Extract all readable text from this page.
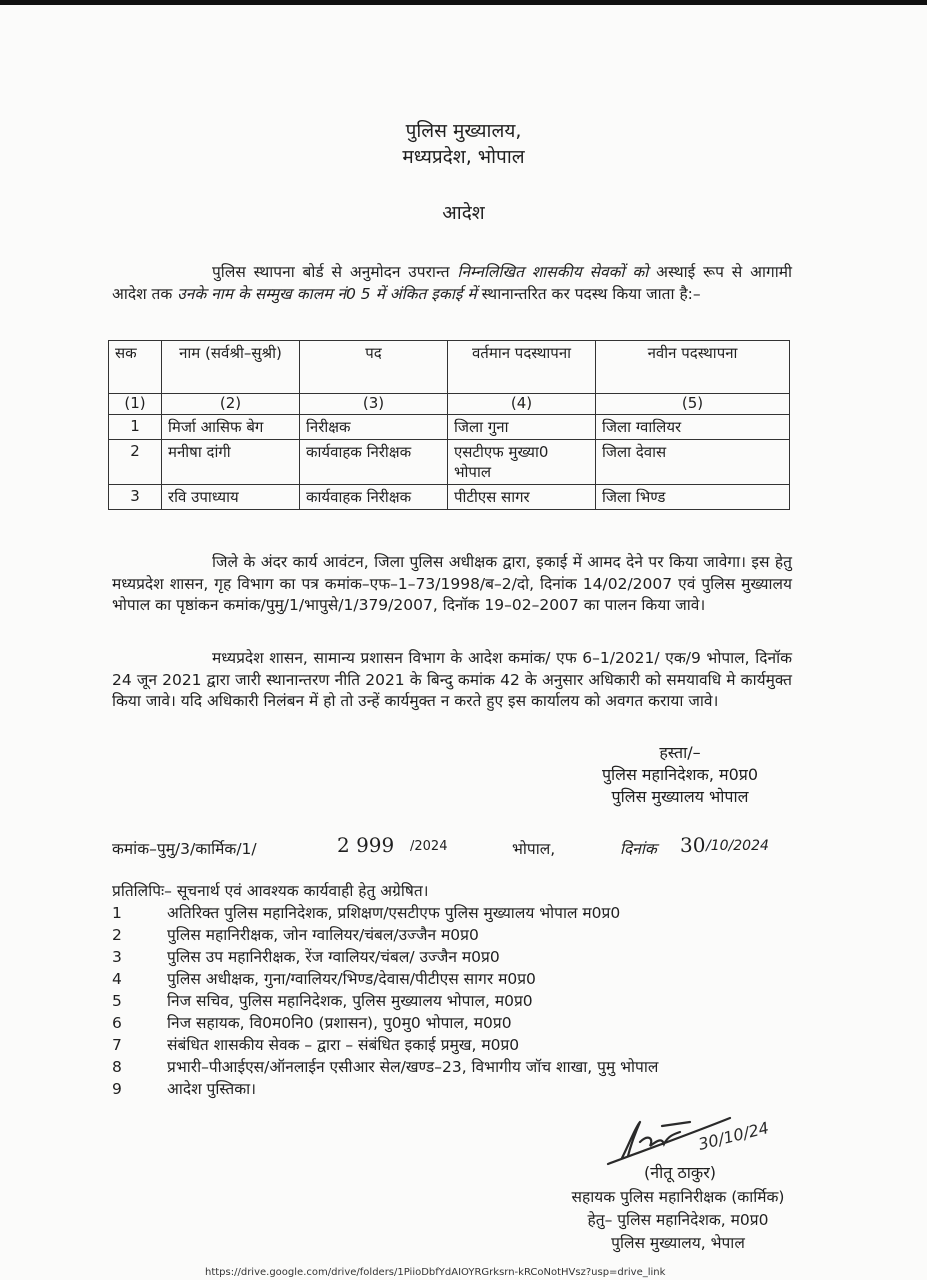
पुलिस मुख्यालय,
मध्यप्रदेश, भोपाल
आदेश
पुलिस स्थापना बोर्ड से अनुमोदन उपरान्त निम्नलिखित शासकीय सेवकों को अस्थाई रूप से आगामी आदेश तक उनके नाम के सम्मुख कालम नं0 5 में अंकित इकाई में स्थानान्तरित कर पदस्थ किया जाता है:–
सक	नाम (सर्वश्री–सुश्री)	पद	वर्तमान पदस्थापना	नवीन पदस्थापना
(1)	(2)	(3)	(4)	(5)
1	मिर्जा आसिफ बेग	निरीक्षक	जिला गुना	जिला ग्वालियर
2	मनीषा दांगी	कार्यवाहक निरीक्षक	एसटीएफ मुख्या0 भोपाल	जिला देवास
3	रवि उपाध्याय	कार्यवाहक निरीक्षक	पीटीएस सागर	जिला भिण्ड
जिले के अंदर कार्य आवंटन, जिला पुलिस अधीक्षक द्वारा, इकाई में आमद देने पर किया जावेगा। इस हेतु मध्यप्रदेश शासन, गृह विभाग का पत्र कमांक–एफ–1–73/1998/ब–2/दो, दिनांक 14/02/2007 एवं पुलिस मुख्यालय भोपाल का पृष्ठांकन कमांक/पुमु/1/भापुसे/1/379/2007, दिनॉक 19–02–2007 का पालन किया जावे।
मध्यप्रदेश शासन, सामान्य प्रशासन विभाग के आदेश कमांक/ एफ 6–1/2021/ एक/9 भोपाल, दिनॉक 24 जून 2021 द्वारा जारी स्थानान्तरण नीति 2021 के बिन्दु कमांक 42 के अनुसार अधिकारी को समयावधि मे कार्यमुक्त किया जावे। यदि अधिकारी निलंबन में हो तो उन्हें कार्यमुक्त न करते हुए इस कार्यालय को अवगत कराया जावे।
हस्ता/–
पुलिस महानिदेशक, म0प्र0
पुलिस मुख्यालय भोपाल
कमांक–पुमु/3/कार्मिक/1/	2 999 /2024	भोपाल,	दिनांक 30 /10/2024
प्रतिलिपिः– सूचनार्थ एवं आवश्यक कार्यवाही हेतु अग्रेषित।
1	अतिरिक्त पुलिस महानिदेशक, प्रशिक्षण/एसटीएफ पुलिस मुख्यालय भोपाल म0प्र0
2	पुलिस महानिरीक्षक, जोन ग्वालियर/चंबल/उज्जैन म0प्र0
3	पुलिस उप महानिरीक्षक, रेंज ग्वालियर/चंबल/ उज्जैन म0प्र0
4	पुलिस अधीक्षक, गुना/ग्वालियर/भिण्ड/देवास/पीटीएस सागर म0प्र0
5	निज सचिव, पुलिस महानिदेशक, पुलिस मुख्यालय भोपाल, म0प्र0
6	निज सहायक, वि0म0नि0 (प्रशासन), पु0मु0 भोपाल, म0प्र0
7	संबंधित शासकीय सेवक – द्वारा – संबंधित इकाई प्रमुख, म0प्र0
8	प्रभारी–पीआईएस/ऑनलाईन एसीआर सेल/खण्ड–23, विभागीय जॉच शाखा, पुमु भोपाल
9	आदेश पुस्तिका।
30/10/24
(नीतू ठाकुर)
सहायक पुलिस महानिरीक्षक (कार्मिक)
हेतु– पुलिस महानिदेशक, म0प्र0
पुलिस मुख्यालय, भेपाल
https://drive.google.com/drive/folders/1PiioDbfYdAIOYRGrksrn-kRCoNotHVsz?usp=drive_link
